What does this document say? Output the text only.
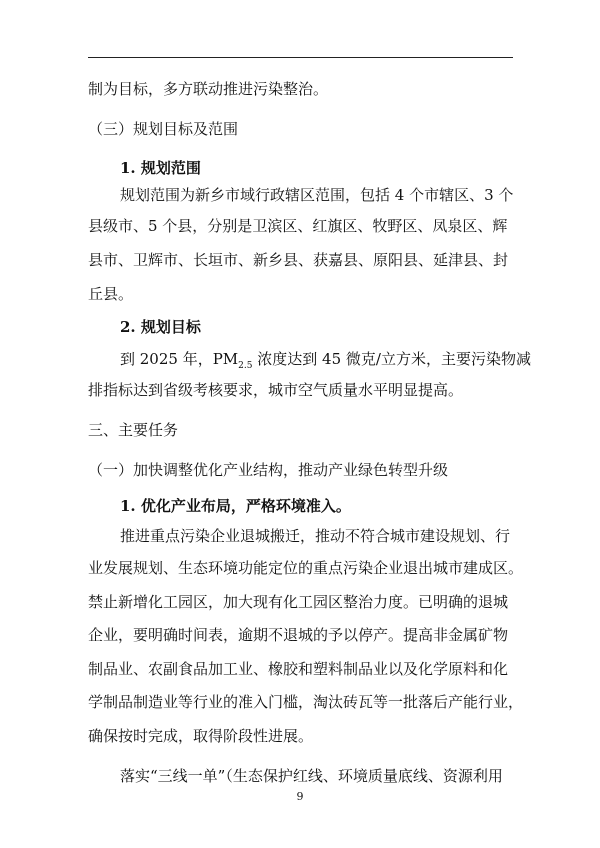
制为目标，多方联动推进污染整治。
（三）规划目标及范围
1. 规划范围
规划范围为新乡市域行政辖区范围，包括 4 个市辖区、3 个
县级市、5 个县，分别是卫滨区、红旗区、牧野区、凤泉区、辉
县市、卫辉市、长垣市、新乡县、获嘉县、原阳县、延津县、封
丘县。
2. 规划目标
到 2025 年，$PM_{2.5}$ 浓度达到 45 微克/立方米，主要污染物减
排指标达到省级考核要求，城市空气质量水平明显提高。
三、主要任务
（一）加快调整优化产业结构，推动产业绿色转型升级
1. 优化产业布局，严格环境准入。
推进重点污染企业退城搬迁，推动不符合城市建设规划、行
业发展规划、生态环境功能定位的重点污染企业退出城市建成区。
禁止新增化工园区，加大现有化工园区整治力度。已明确的退城
企业，要明确时间表，逾期不退城的予以停产。提高非金属矿物
制品业、农副食品加工业、橡胶和塑料制品业以及化学原料和化
学制品制造业等行业的准入门槛，淘汰砖瓦等一批落后产能行业，
确保按时完成，取得阶段性进展。
落实“三线一单”（生态保护红线、环境质量底线、资源利用
9
